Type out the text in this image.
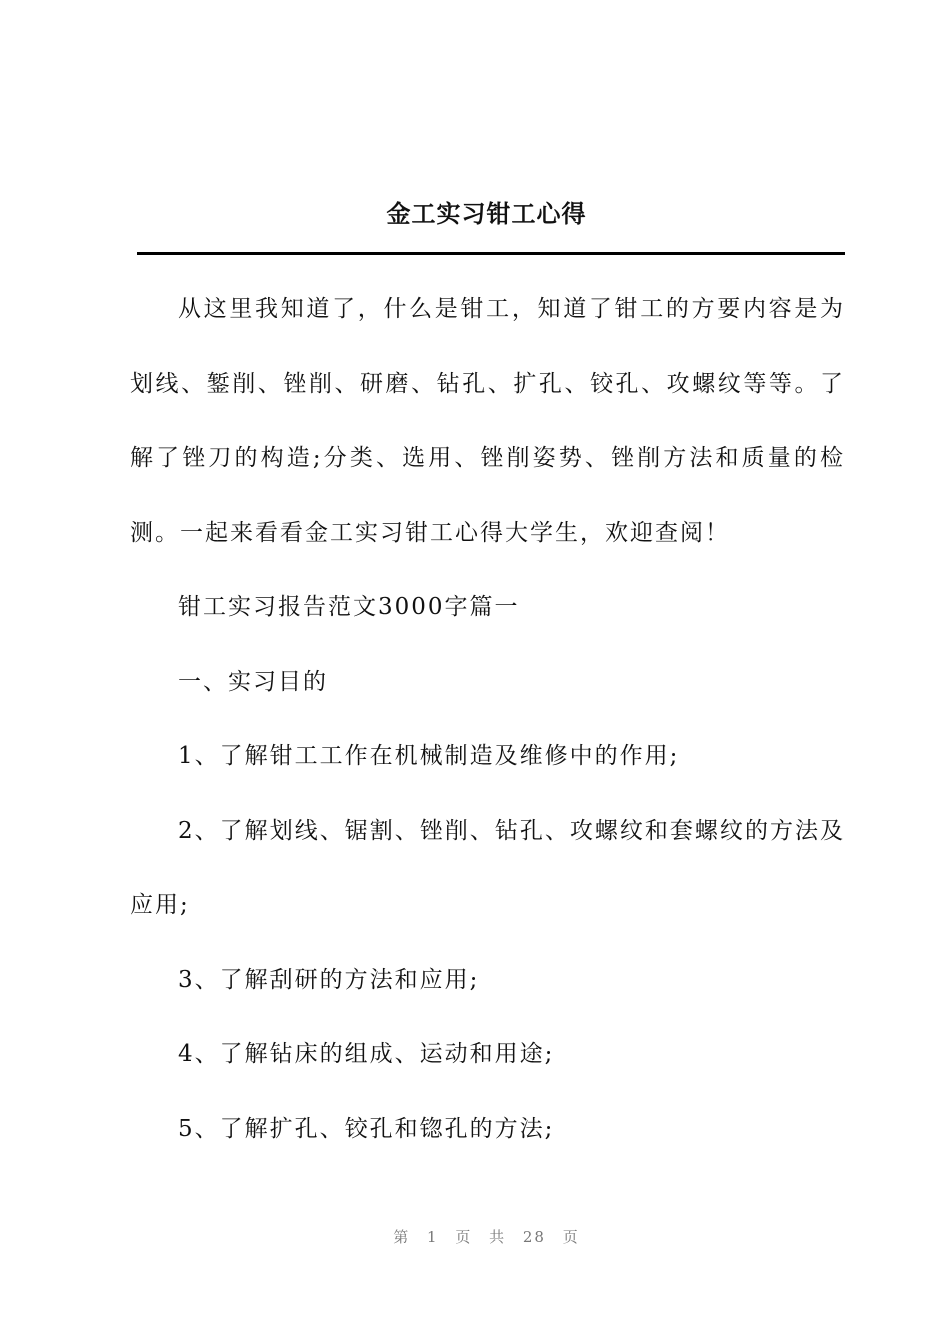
金工实习钳工心得

从这里我知道了，什么是钳工，知道了钳工的方要内容是为划线、錾削、锉削、研磨、钻孔、扩孔、铰孔、攻螺纹等等。了解了锉刀的构造;分类、选用、锉削姿势、锉削方法和质量的检测。一起来看看金工实习钳工心得大学生，欢迎查阅！

钳工实习报告范文3000字篇一

一、实习目的

1、了解钳工工作在机械制造及维修中的作用;

2、了解划线、锯割、锉削、钻孔、攻螺纹和套螺纹的方法及应用;

3、了解刮研的方法和应用;

4、了解钻床的组成、运动和用途;

5、了解扩孔、铰孔和锪孔的方法;

第 1 页 共 28 页
